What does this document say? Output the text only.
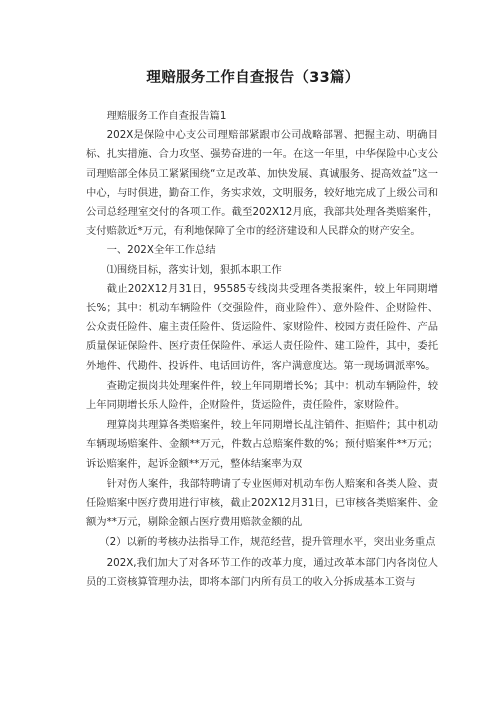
理赔服务工作自查报告（33篇）

理赔服务工作自查报告篇1

202X是保险中心支公司理赔部紧跟市公司战略部署、把握主动、明确目标、扎实措施、合力攻坚、强势奋进的一年。在这一年里，中华保险中心支公司理赔部全体员工紧紧围绕“立足改革、加快发展、真诚服务、提高效益”这一中心，与时俱进，勤奋工作，务实求效，文明服务，较好地完成了上级公司和公司总经理室交付的各项工作。截至202X12月底，我部共处理各类赔案件，支付赔款近*万元，有利地保障了全市的经济建设和人民群众的财产安全。

一、202X全年工作总结

⑴围绕目标，落实计划，狠抓本职工作

截止202X12月31日，95585专线岗共受理各类报案件，较上年同期增长%；其中：机动车辆险件（交强险件，商业险件）、意外险件、企财险件、公众责任险件、雇主责任险件、货运险件、家财险件、校园方责任险件、产品质量保证保险件、医疗责任保险件、承运人责任险件、建工险件，其中，委托外地件、代勘件、投诉件、电话回访件，客户满意度达。第一现场调派率%。

查勘定损岗共处理案件件，较上年同期增长%；其中：机动车辆险件，较上年同期增长乐人险件，企财险件，货运险件，责任险件，家财险件。

理算岗共理算各类赔案件，较上年同期增长乩注销件、拒赔件；其中机动车辆现场赔案件、金额**万元，件数占总赔案件数的%；预付赔案件**万元；诉讼赔案件，起诉金额**万元，整体结案率为双

针对伤人案件，我部特聘请了专业医师对机动车伤人赔案和各类人险、责任险赔案中医疗费用进行审核，截止202X12月31日，已审核各类赔案件、金额为**万元，剔除金额占医疗费用赔款金额的乩

（2）以新的考核办法指导工作，规范经营，提升管理水平，突出业务重点

202X,我们加大了对各环节工作的改革力度，通过改革本部门内各岗位人员的工资核算管理办法，即将本部门内所有员工的收入分拆成基本工资与
